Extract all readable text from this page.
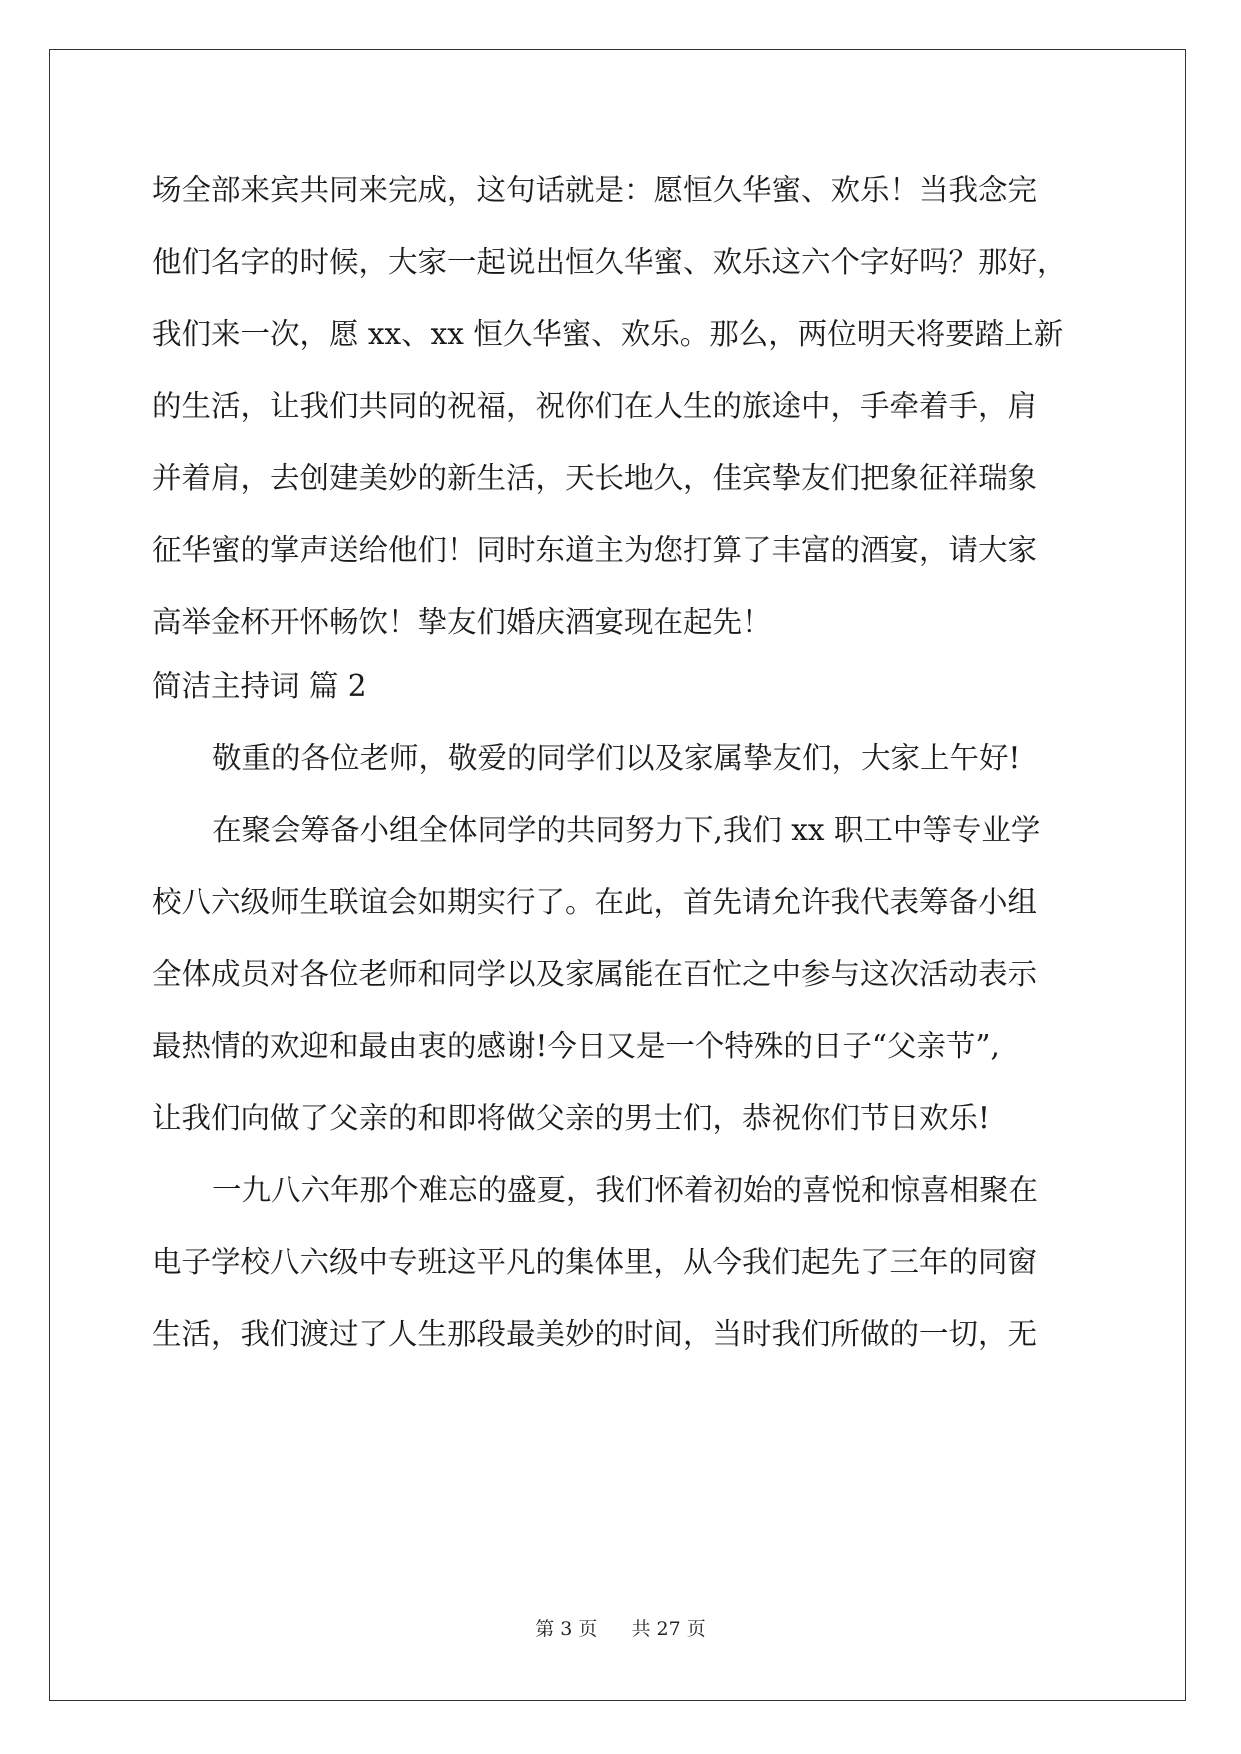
场全部来宾共同来完成，这句话就是：愿恒久华蜜、欢乐！当我念完
他们名字的时候，大家一起说出恒久华蜜、欢乐这六个字好吗？那好，
我们来一次，愿 xx、xx 恒久华蜜、欢乐。那么，两位明天将要踏上新
的生活，让我们共同的祝福，祝你们在人生的旅途中，手牵着手，肩
并着肩，去创建美妙的新生活，天长地久，佳宾挚友们把象征祥瑞象
征华蜜的掌声送给他们！同时东道主为您打算了丰富的酒宴，请大家
高举金杯开怀畅饮！挚友们婚庆酒宴现在起先！
简洁主持词 篇 2
敬重的各位老师，敬爱的同学们以及家属挚友们，大家上午好!
在聚会筹备小组全体同学的共同努力下,我们 xx 职工中等专业学
校八六级师生联谊会如期实行了。在此，首先请允许我代表筹备小组
全体成员对各位老师和同学以及家属能在百忙之中参与这次活动表示
最热情的欢迎和最由衷的感谢!今日又是一个特殊的日子“父亲节”,
让我们向做了父亲的和即将做父亲的男士们，恭祝你们节日欢乐!
一九八六年那个难忘的盛夏，我们怀着初始的喜悦和惊喜相聚在
电子学校八六级中专班这平凡的集体里，从今我们起先了三年的同窗
生活，我们渡过了人生那段最美妙的时间，当时我们所做的一切，无
第 3 页 共 27 页
